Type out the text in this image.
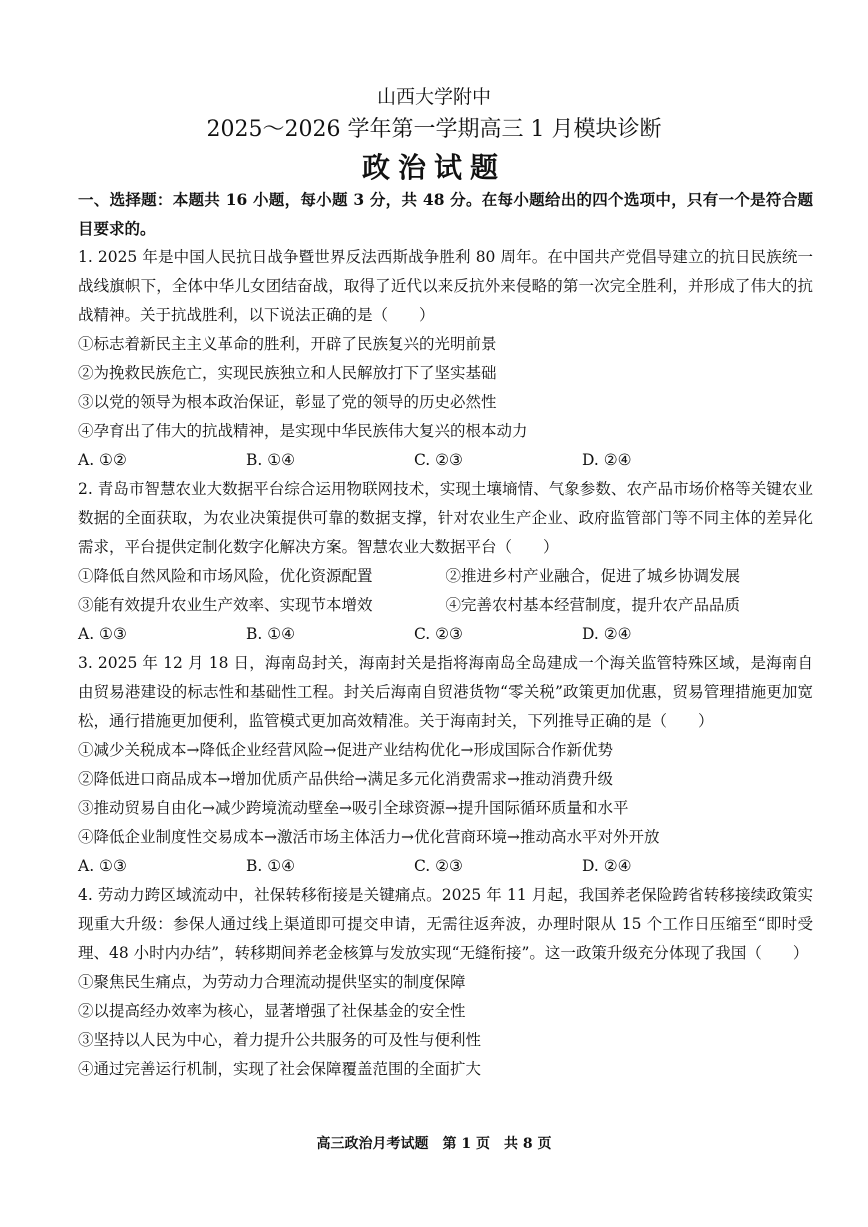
山西大学附中
2025～2026 学年第一学期高三 1 月模块诊断
政治试题

一、选择题：本题共 16 小题，每小题 3 分，共 48 分。在每小题给出的四个选项中，只有一个是符合题目要求的。

1. 2025 年是中国人民抗日战争暨世界反法西斯战争胜利 80 周年。在中国共产党倡导建立的抗日民族统一战线旗帜下，全体中华儿女团结奋战，取得了近代以来反抗外来侵略的第一次完全胜利，并形成了伟大的抗战精神。关于抗战胜利，以下说法正确的是（　　）

①标志着新民主主义革命的胜利，开辟了民族复兴的光明前景

②为挽救民族危亡，实现民族独立和人民解放打下了坚实基础

③以党的领导为根本政治保证，彰显了党的领导的历史必然性

④孕育出了伟大的抗战精神，是实现中华民族伟大复兴的根本动力

A. ①②	B. ①④	C. ②③	D. ②④

2. 青岛市智慧农业大数据平台综合运用物联网技术，实现土壤墒情、气象参数、农产品市场价格等关键农业数据的全面获取，为农业决策提供可靠的数据支撑，针对农业生产企业、政府监管部门等不同主体的差异化需求，平台提供定制化数字化解决方案。智慧农业大数据平台（　　）

①降低自然风险和市场风险，优化资源配置	②推进乡村产业融合，促进了城乡协调发展
③能有效提升农业生产效率、实现节本增效	④完善农村基本经营制度，提升农产品品质
A. ①③	B. ①④	C. ②③	D. ②④

3. 2025 年 12 月 18 日，海南岛封关，海南封关是指将海南岛全岛建成一个海关监管特殊区域，是海南自由贸易港建设的标志性和基础性工程。封关后海南自贸港货物“零关税”政策更加优惠，贸易管理措施更加宽松，通行措施更加便利，监管模式更加高效精准。关于海南封关，下列推导正确的是（　　）

①减少关税成本→降低企业经营风险→促进产业结构优化→形成国际合作新优势

②降低进口商品成本→增加优质产品供给→满足多元化消费需求→推动消费升级

③推动贸易自由化→减少跨境流动壁垒→吸引全球资源→提升国际循环质量和水平

④降低企业制度性交易成本→激活市场主体活力→优化营商环境→推动高水平对外开放

A. ①③	B. ①④	C. ②③	D. ②④

4. 劳动力跨区域流动中，社保转移衔接是关键痛点。2025 年 11 月起，我国养老保险跨省转移接续政策实现重大升级：参保人通过线上渠道即可提交申请，无需往返奔波，办理时限从 15 个工作日压缩至“即时受理、48 小时内办结”，转移期间养老金核算与发放实现“无缝衔接”。这一政策升级充分体现了我国（　　）

①聚焦民生痛点，为劳动力合理流动提供坚实的制度保障

②以提高经办效率为核心，显著增强了社保基金的安全性

③坚持以人民为中心，着力提升公共服务的可及性与便利性

④通过完善运行机制，实现了社会保障覆盖范围的全面扩大

高三政治月考试题　第 1 页　共 8 页
